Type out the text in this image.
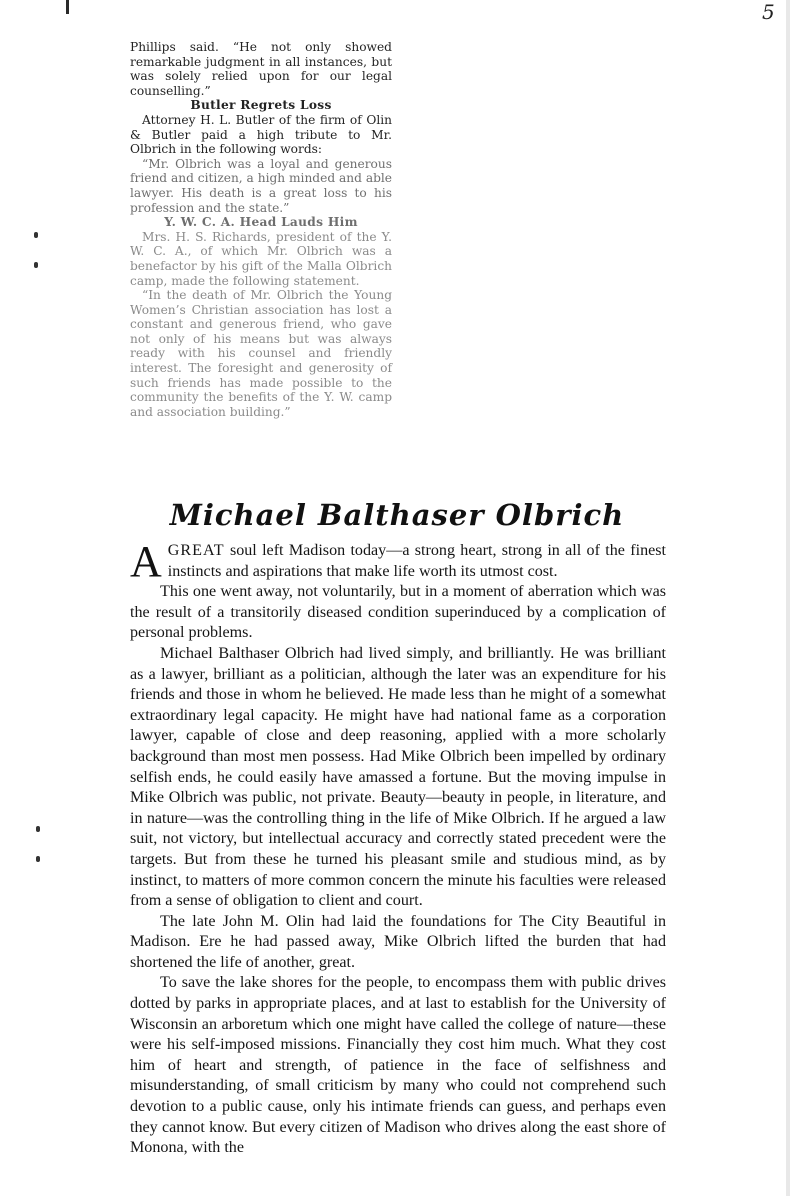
5

Phillips said. “He not only showed remarkable judgment in all instances, but was solely relied upon for our legal counselling.”

Butler Regrets Loss

Attorney H. L. Butler of the firm of Olin & Butler paid a high tribute to Mr. Olbrich in the following words:

“Mr. Olbrich was a loyal and generous friend and citizen, a high minded and able lawyer. His death is a great loss to his profession and the state.”

Y. W. C. A. Head Lauds Him

Mrs. H. S. Richards, president of the Y. W. C. A., of which Mr. Olbrich was a benefactor by his gift of the Malla Olbrich camp, made the following statement.

“In the death of Mr. Olbrich the Young Women’s Christian association has lost a constant and generous friend, who gave not only of his means but was always ready with his counsel and friendly interest. The foresight and generosity of such friends has made possible to the community the benefits of the Y. W. camp and association building.”

Michael Balthaser Olbrich

AGREAT soul left Madison today—a strong heart, strong in all of the finest instincts and aspirations that make life worth its utmost cost.

This one went away, not voluntarily, but in a moment of aberration which was the result of a transitorily diseased condition superinduced by a complication of personal problems.

Michael Balthaser Olbrich had lived simply, and brilliantly. He was brilliant as a lawyer, brilliant as a politician, although the later was an expenditure for his friends and those in whom he believed. He made less than he might of a somewhat extraordinary legal capacity. He might have had national fame as a corporation lawyer, capable of close and deep reasoning, applied with a more scholarly background than most men possess. Had Mike Olbrich been impelled by ordinary selfish ends, he could easily have amassed a fortune. But the moving impulse in Mike Olbrich was public, not private. Beauty—beauty in people, in literature, and in nature—was the controlling thing in the life of Mike Olbrich. If he argued a law suit, not victory, but intellectual accuracy and correctly stated precedent were the targets. But from these he turned his pleasant smile and studious mind, as by instinct, to matters of more common concern the minute his faculties were released from a sense of obligation to client and court.

The late John M. Olin had laid the foundations for The City Beautiful in Madison. Ere he had passed away, Mike Olbrich lifted the burden that had shortened the life of another, great.

To save the lake shores for the people, to encompass them with public drives dotted by parks in appropriate places, and at last to establish for the University of Wisconsin an arboretum which one might have called the college of nature—these were his self-imposed missions. Financially they cost him much. What they cost him of heart and strength, of patience in the face of selfishness and misunderstanding, of small criticism by many who could not comprehend such devotion to a public cause, only his intimate friends can guess, and perhaps even they cannot know. But every citizen of Madison who drives along the east shore of Monona, with the
